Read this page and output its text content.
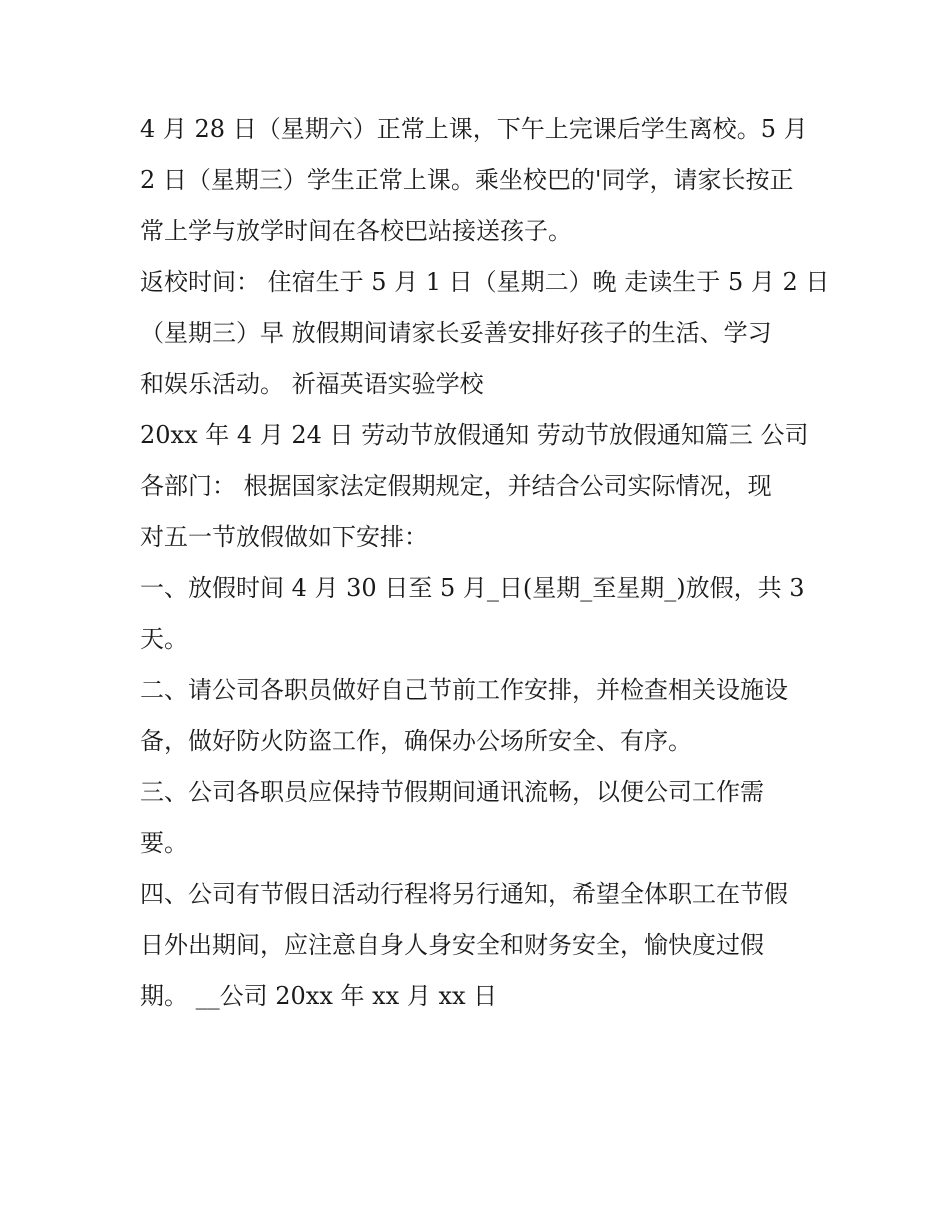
4 月 28 日（星期六）正常上课，下午上完课后学生离校。5 月
2 日（星期三）学生正常上课。乘坐校巴的'同学，请家长按正
常上学与放学时间在各校巴站接送孩子。
返校时间： 住宿生于 5 月 1 日（星期二）晚 走读生于 5 月 2 日
（星期三）早 放假期间请家长妥善安排好孩子的生活、学习
和娱乐活动。 祈福英语实验学校
20xx 年 4 月 24 日 劳动节放假通知 劳动节放假通知篇三 公司
各部门： 根据国家法定假期规定，并结合公司实际情况，现
对五一节放假做如下安排：
一、放假时间 4 月 30 日至 5 月_日(星期_至星期_)放假，共 3
天。
二、请公司各职员做好自己节前工作安排，并检查相关设施设
备，做好防火防盗工作，确保办公场所安全、有序。
三、公司各职员应保持节假期间通讯流畅，以便公司工作需
要。
四、公司有节假日活动行程将另行通知，希望全体职工在节假
日外出期间，应注意自身人身安全和财务安全，愉快度过假
期。 __公司 20xx 年 xx 月 xx 日
